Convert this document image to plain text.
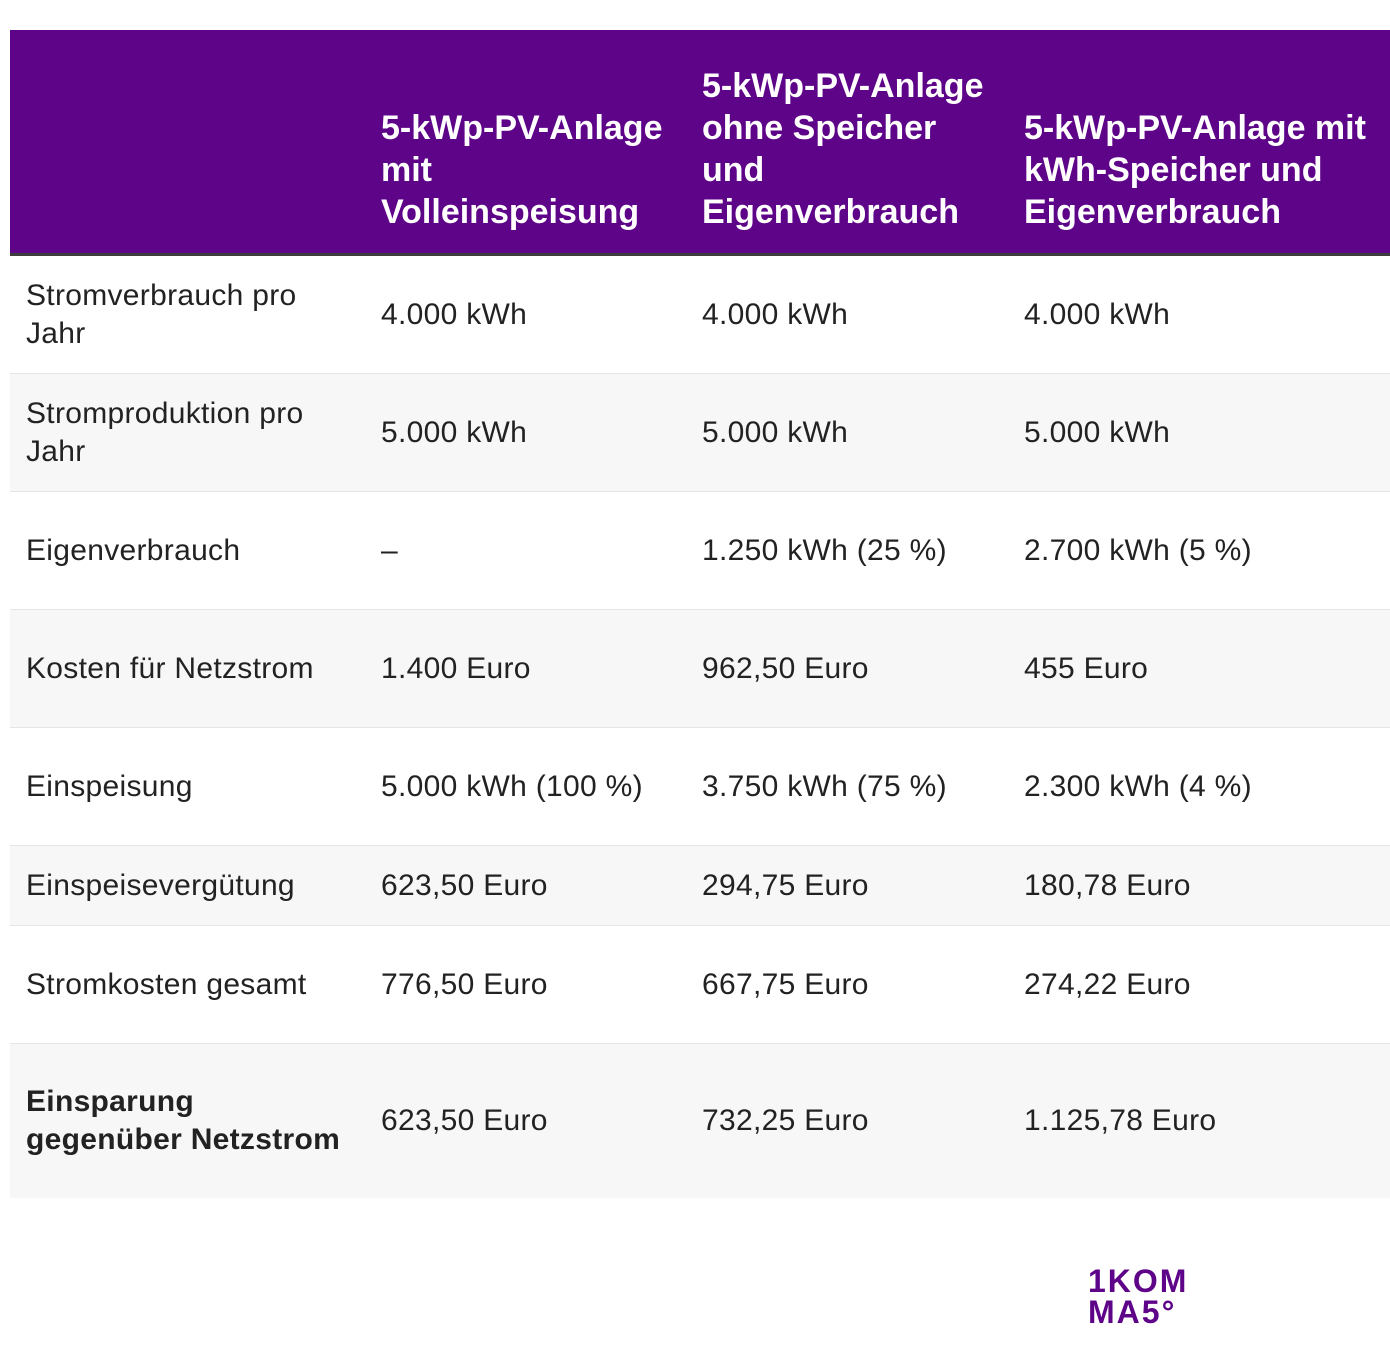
	5-kWp-PV-Anlage mit Volleinspeisung	5-kWp-PV-Anlage ohne Speicher und Eigenverbrauch	5-kWp-PV-Anlage mit kWh-Speicher und Eigenverbrauch
Stromverbrauch pro Jahr	4.000 kWh	4.000 kWh	4.000 kWh
Stromproduktion pro Jahr	5.000 kWh	5.000 kWh	5.000 kWh
Eigenverbrauch	–	1.250 kWh (25 %)	2.700 kWh (5 %)
Kosten für Netzstrom	1.400 Euro	962,50 Euro	455 Euro
Einspeisung	5.000 kWh (100 %)	3.750 kWh (75 %)	2.300 kWh (4 %)
Einspeisevergütung	623,50 Euro	294,75 Euro	180,78 Euro
Stromkosten gesamt	776,50 Euro	667,75 Euro	274,22 Euro
Einsparung gegenüber Netzstrom	623,50 Euro	732,25 Euro	1.125,78 Euro
1KOM
MA5°
